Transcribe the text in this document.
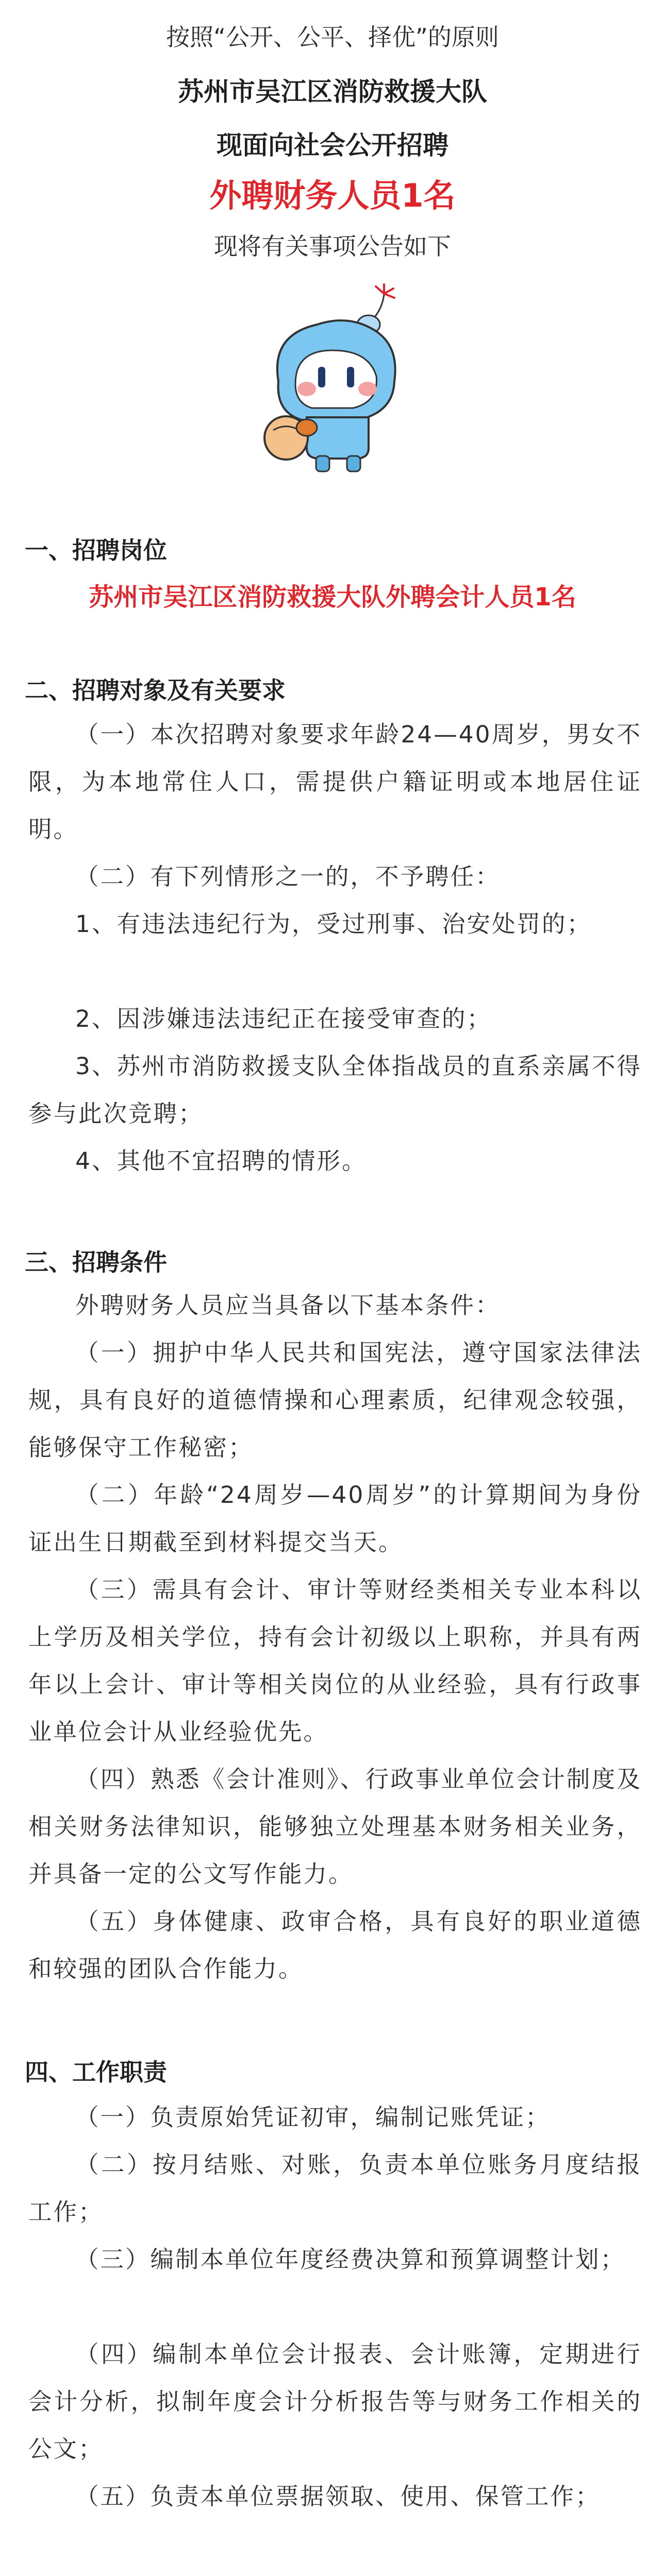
按照“公开、公平、择优”的原则
苏州市吴江区消防救援大队
现面向社会公开招聘
外聘财务人员1名
现将有关事项公告如下
一、招聘岗位
苏州市吴江区消防救援大队外聘会计人员1名
二、招聘对象及有关要求

（一）本次招聘对象要求年龄24—40周岁，男女不限，为本地常住人口，需提供户籍证明或本地居住证明。

（二）有下列情形之一的，不予聘任：

1、有违法违纪行为，受过刑事、治安处罚的；

2、因涉嫌违法违纪正在接受审查的；

3、苏州市消防救援支队全体指战员的直系亲属不得参与此次竞聘；

4、其他不宜招聘的情形。

三、招聘条件

外聘财务人员应当具备以下基本条件：

（一）拥护中华人民共和国宪法，遵守国家法律法规，具有良好的道德情操和心理素质，纪律观念较强，能够保守工作秘密；

（二）年龄“24周岁—40周岁”的计算期间为身份证出生日期截至到材料提交当天。

（三）需具有会计、审计等财经类相关专业本科以上学历及相关学位，持有会计初级以上职称，并具有两年以上会计、审计等相关岗位的从业经验，具有行政事业单位会计从业经验优先。

（四）熟悉《会计准则》、行政事业单位会计制度及相关财务法律知识，能够独立处理基本财务相关业务，并具备一定的公文写作能力。

（五）身体健康、政审合格，具有良好的职业道德和较强的团队合作能力。

四、工作职责

（一）负责原始凭证初审，编制记账凭证；

（二）按月结账、对账，负责本单位账务月度结报工作；

（三）编制本单位年度经费决算和预算调整计划；

（四）编制本单位会计报表、会计账簿，定期进行会计分析，拟制年度会计分析报告等与财务工作相关的公文；

（五）负责本单位票据领取、使用、保管工作；
